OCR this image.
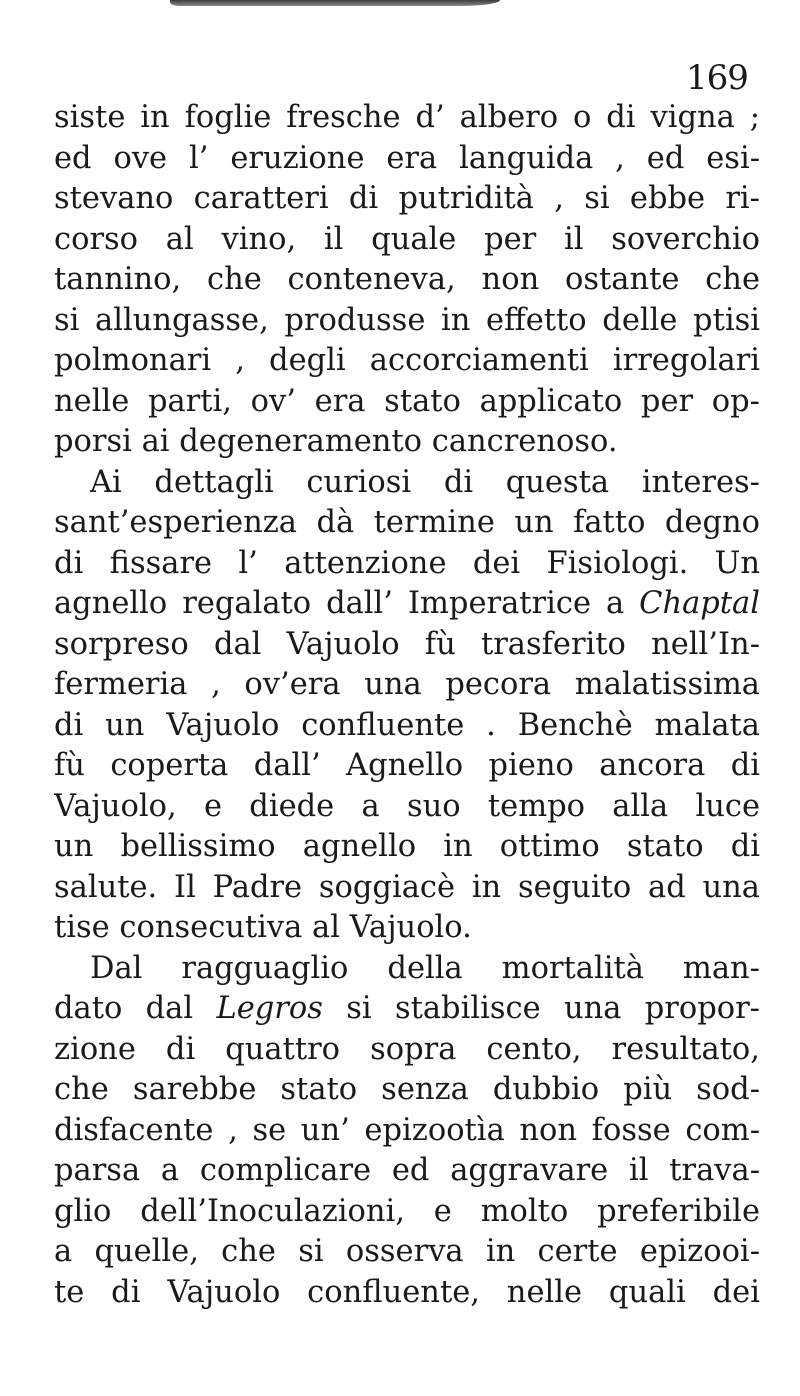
169
siste in foglie fresche d’ albero o di vigna ;
ed ove l’ eruzione era languida , ed esi-
stevano caratteri di putridità , si ebbe ri-
corso al vino, il quale per il soverchio
tannino, che conteneva, non ostante che
si allungasse, produsse in effetto delle ptisi
polmonari , degli accorciamenti irregolari
nelle parti, ov’ era stato applicato per op-
porsi ai degeneramento cancrenoso.
Ai dettagli curiosi di questa interes-
sant’esperienza dà termine un fatto degno
di fissare l’ attenzione dei Fisiologi. Un
agnello regalato dall’ Imperatrice a Chaptal
sorpreso dal Vajuolo fù trasferito nell’In-
fermeria , ov’era una pecora malatissima
di un Vajuolo confluente . Benchè malata
fù coperta dall’ Agnello pieno ancora di
Vajuolo, e diede a suo tempo alla luce
un bellissimo agnello in ottimo stato di
salute. Il Padre soggiacè in seguito ad una
tise consecutiva al Vajuolo.
Dal ragguaglio della mortalità man-
dato dal Legros si stabilisce una propor-
zione di quattro sopra cento, resultato,
che sarebbe stato senza dubbio più sod-
disfacente , se un’ epizootìa non fosse com-
parsa a complicare ed aggravare il trava-
glio dell’Inoculazioni, e molto preferibile
a quelle, che si osserva in certe epizooi-
te di Vajuolo confluente, nelle quali dei
